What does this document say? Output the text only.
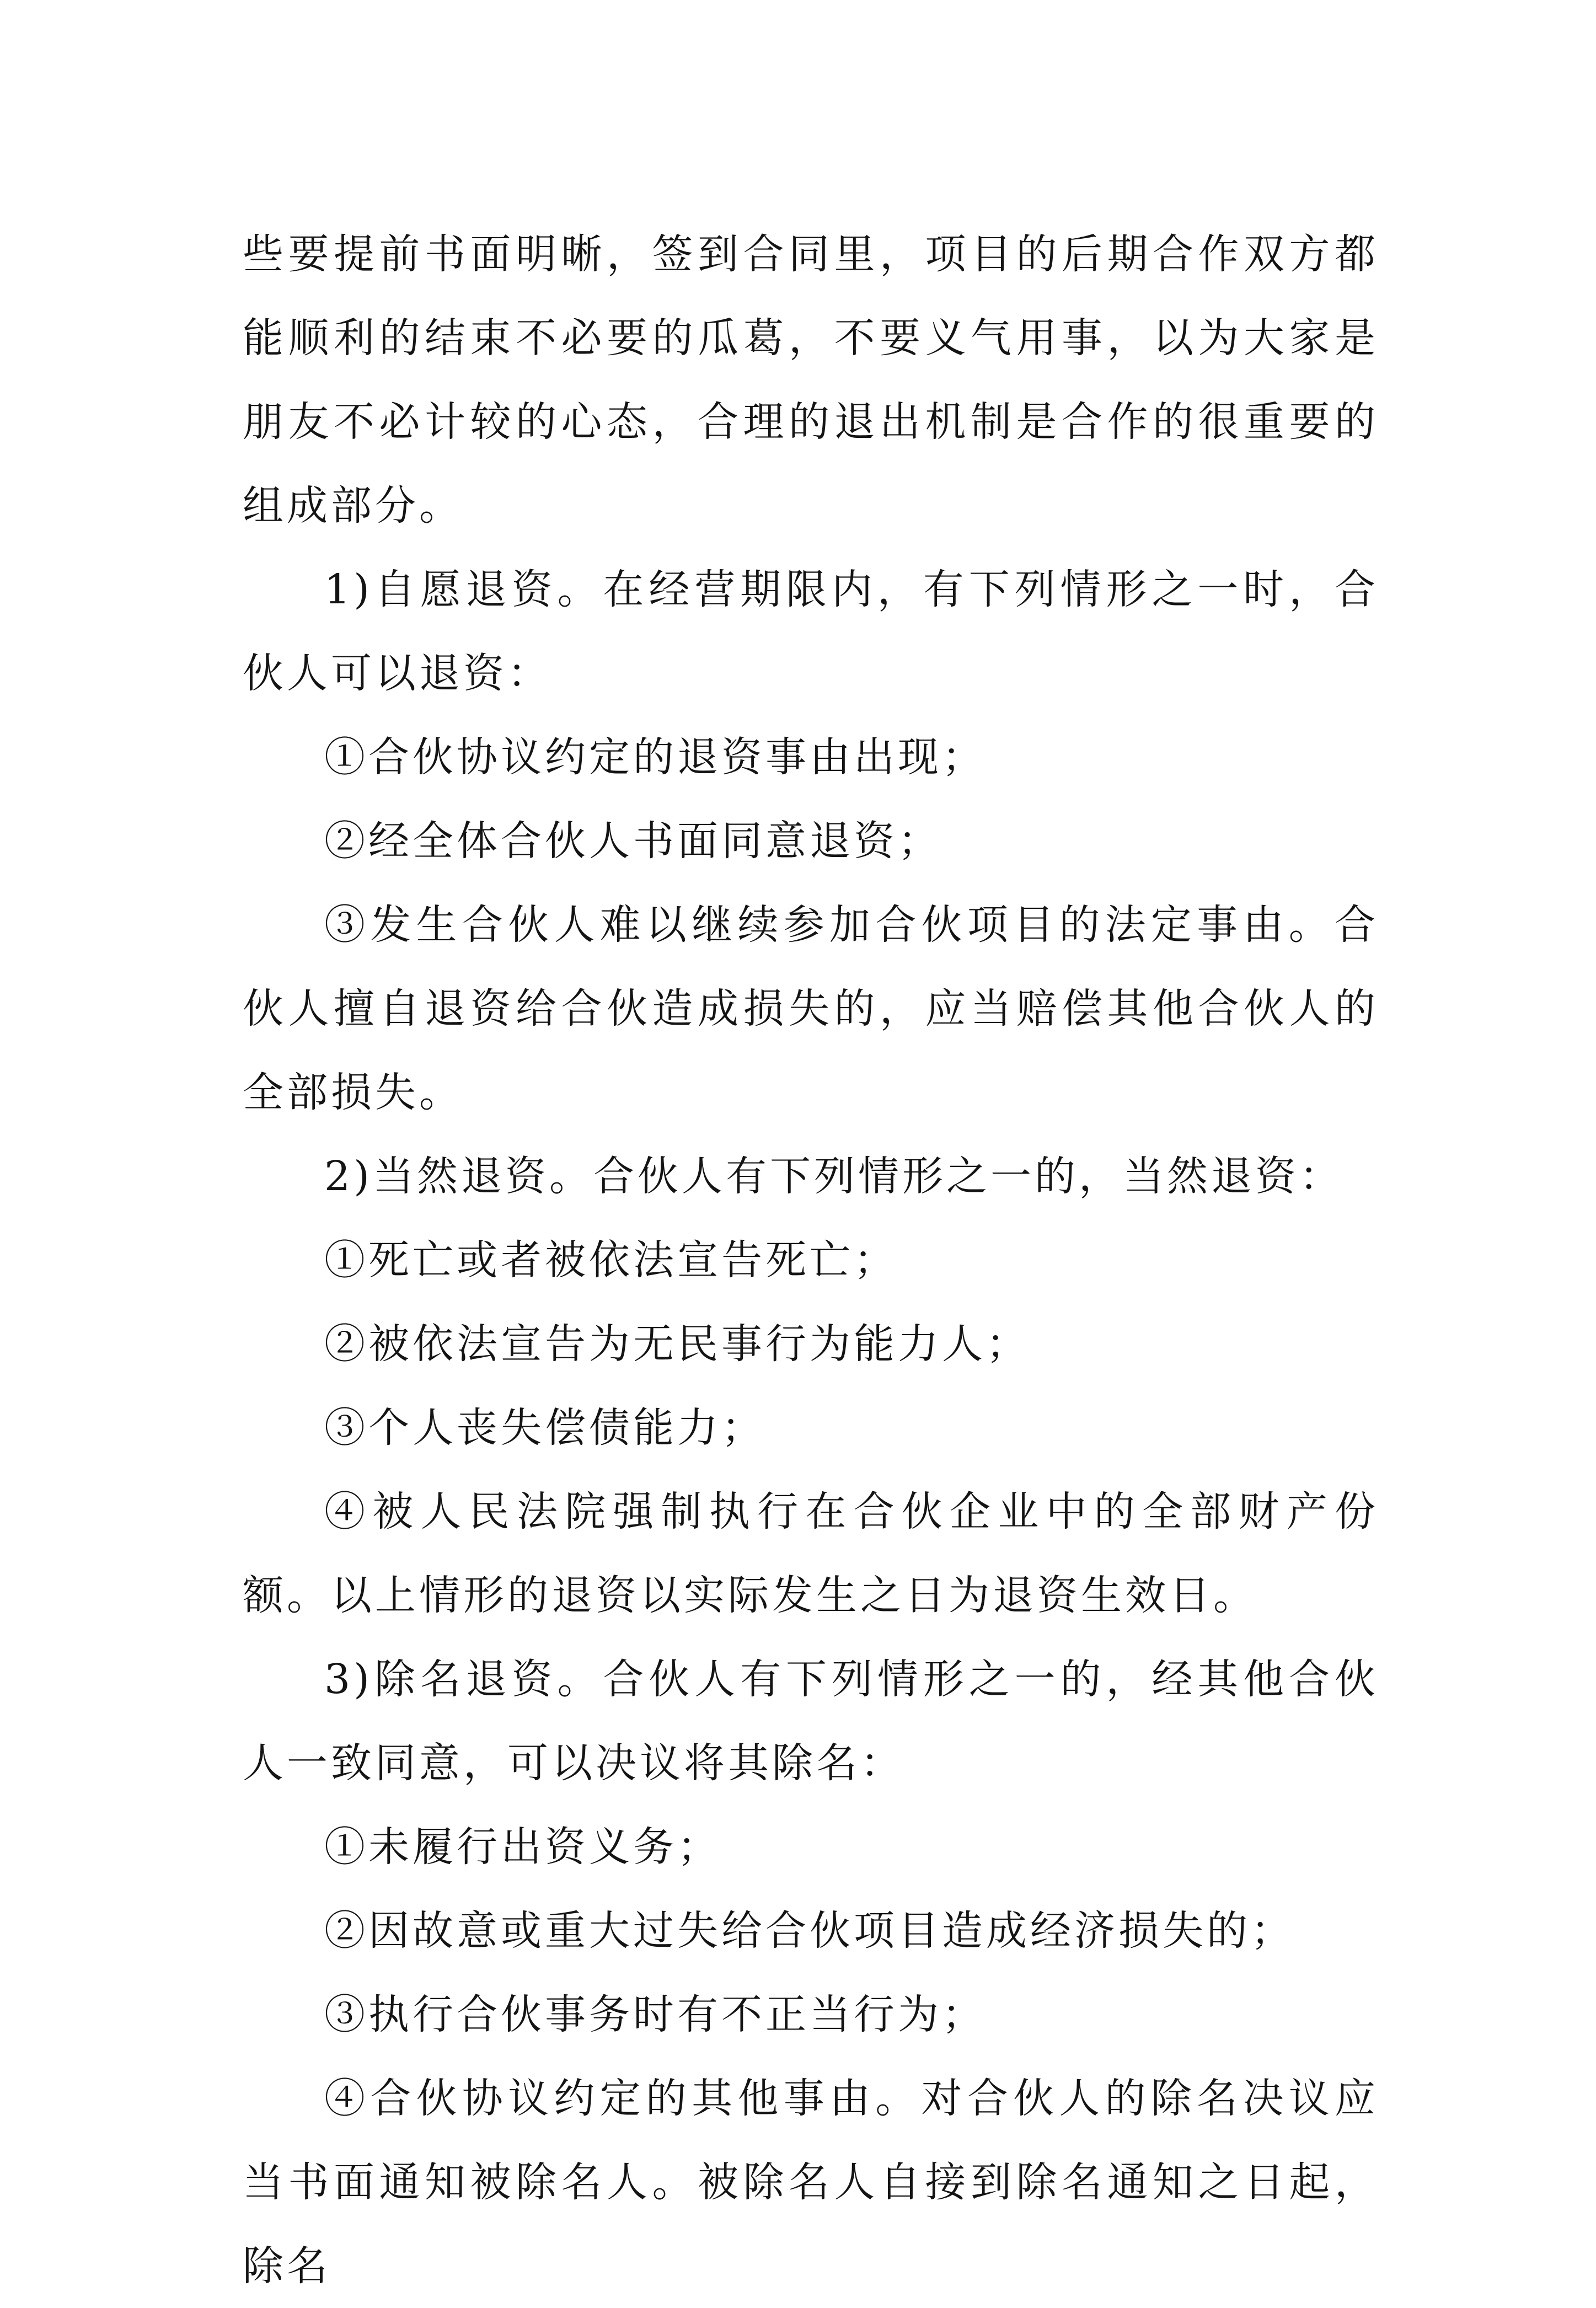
些要提前书面明晰，签到合同里，项目的后期合作双方都能顺利的结束不必要的瓜葛，不要义气用事，以为大家是朋友不必计较的心态，合理的退出机制是合作的很重要的组成部分。

1)自愿退资。在经营期限内，有下列情形之一时，合伙人可以退资：

①合伙协议约定的退资事由出现；

②经全体合伙人书面同意退资；

③发生合伙人难以继续参加合伙项目的法定事由。合伙人擅自退资给合伙造成损失的，应当赔偿其他合伙人的全部损失。

2)当然退资。合伙人有下列情形之一的，当然退资：

①死亡或者被依法宣告死亡；

②被依法宣告为无民事行为能力人；

③个人丧失偿债能力；

④被人民法院强制执行在合伙企业中的全部财产份额。以上情形的退资以实际发生之日为退资生效日。

3)除名退资。合伙人有下列情形之一的，经其他合伙人一致同意，可以决议将其除名：

①未履行出资义务；

②因故意或重大过失给合伙项目造成经济损失的；

③执行合伙事务时有不正当行为；

④合伙协议约定的其他事由。对合伙人的除名决议应当书面通知被除名人。被除名人自接到除名通知之日起，除名
